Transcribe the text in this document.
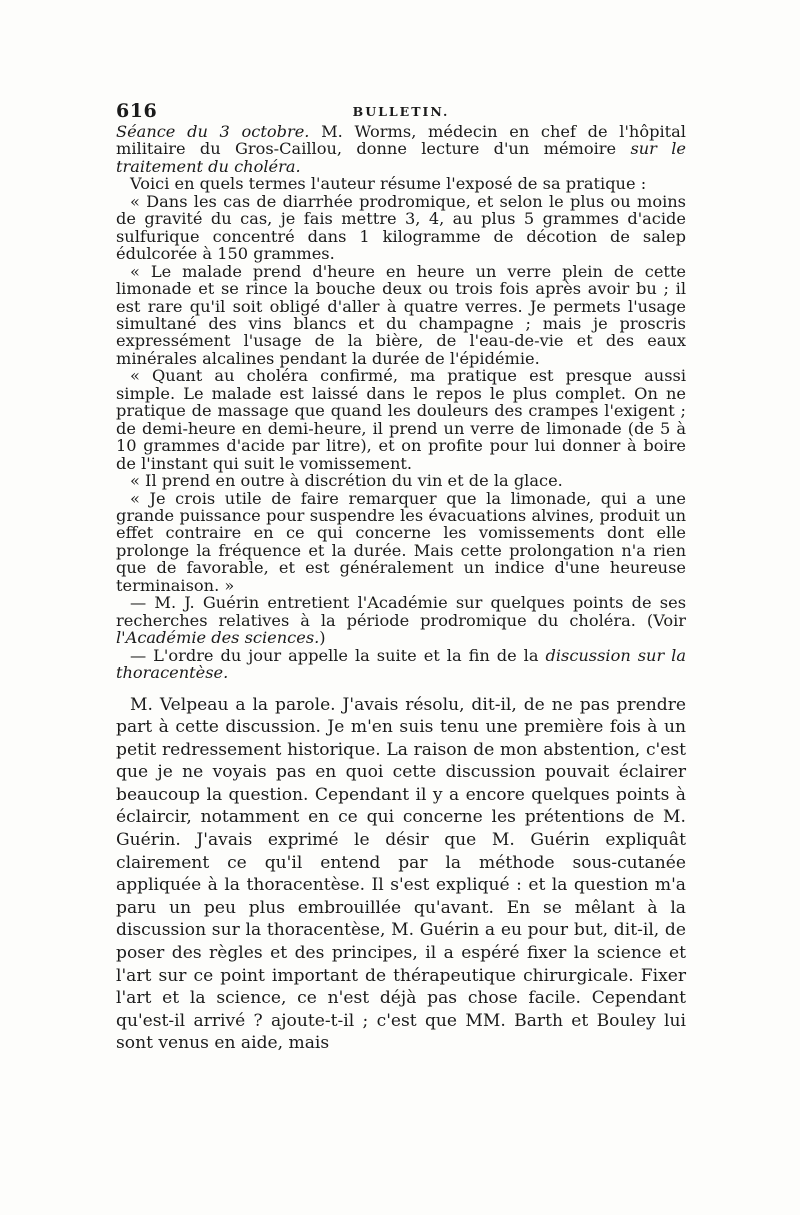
616	BULLETIN.

Séance du 3 octobre. M. Worms, médecin en chef de l'hôpital militaire du Gros-Caillou, donne lecture d'un mémoire sur le traitement du choléra.

Voici en quels termes l'auteur résume l'exposé de sa pratique :

« Dans les cas de diarrhée prodromique, et selon le plus ou moins de gravité du cas, je fais mettre 3, 4, au plus 5 grammes d'acide sulfurique concentré dans 1 kilogramme de décotion de salep édulcorée à 150 grammes.

« Le malade prend d'heure en heure un verre plein de cette limonade et se rince la bouche deux ou trois fois après avoir bu ; il est rare qu'il soit obligé d'aller à quatre verres. Je permets l'usage simultané des vins blancs et du champagne ; mais je proscris expressément l'usage de la bière, de l'eau-de-vie et des eaux minérales alcalines pendant la durée de l'épidémie.

« Quant au choléra confirmé, ma pratique est presque aussi simple. Le malade est laissé dans le repos le plus complet. On ne pratique de massage que quand les douleurs des crampes l'exigent ; de demi-heure en demi-heure, il prend un verre de limonade (de 5 à 10 grammes d'acide par litre), et on profite pour lui donner à boire de l'instant qui suit le vomissement.

« Il prend en outre à discrétion du vin et de la glace.

« Je crois utile de faire remarquer que la limonade, qui a une grande puissance pour suspendre les évacuations alvines, produit un effet contraire en ce qui concerne les vomissements dont elle prolonge la fréquence et la durée. Mais cette prolongation n'a rien que de favorable, et est généralement un indice d'une heureuse terminaison. »

— M. J. Guérin entretient l'Académie sur quelques points de ses recherches relatives à la période prodromique du choléra. (Voir l'Académie des sciences.)

— L'ordre du jour appelle la suite et la fin de la discussion sur la thoracentèse.

M. Velpeau a la parole. J'avais résolu, dit-il, de ne pas prendre part à cette discussion. Je m'en suis tenu une première fois à un petit redressement historique. La raison de mon abstention, c'est que je ne voyais pas en quoi cette discussion pouvait éclairer beaucoup la question. Cependant il y a encore quelques points à éclaircir, notamment en ce qui concerne les prétentions de M. Guérin. J'avais exprimé le désir que M. Guérin expliquât clairement ce qu'il entend par la méthode sous-cutanée appliquée à la thoracentèse. Il s'est expliqué : et la question m'a paru un peu plus embrouillée qu'avant. En se mêlant à la discussion sur la thoracentèse, M. Guérin a eu pour but, dit-il, de poser des règles et des principes, il a espéré fixer la science et l'art sur ce point important de thérapeutique chirurgicale. Fixer l'art et la science, ce n'est déjà pas chose facile. Cependant qu'est-il arrivé ? ajoute-t-il ; c'est que MM. Barth et Bouley lui sont venus en aide, mais
